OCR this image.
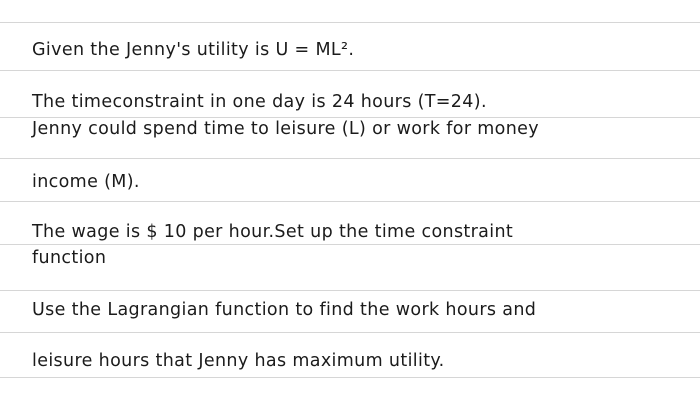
Given the Jenny's utility is U = ML².
The timeconstraint in one day is 24 hours (T=24).
Jenny could spend time to leisure (L) or work for money
income (M).
The wage is $ 10 per hour.Set up the time constraint
function
Use the Lagrangian function to find the work hours and
leisure hours that Jenny has maximum utility.
